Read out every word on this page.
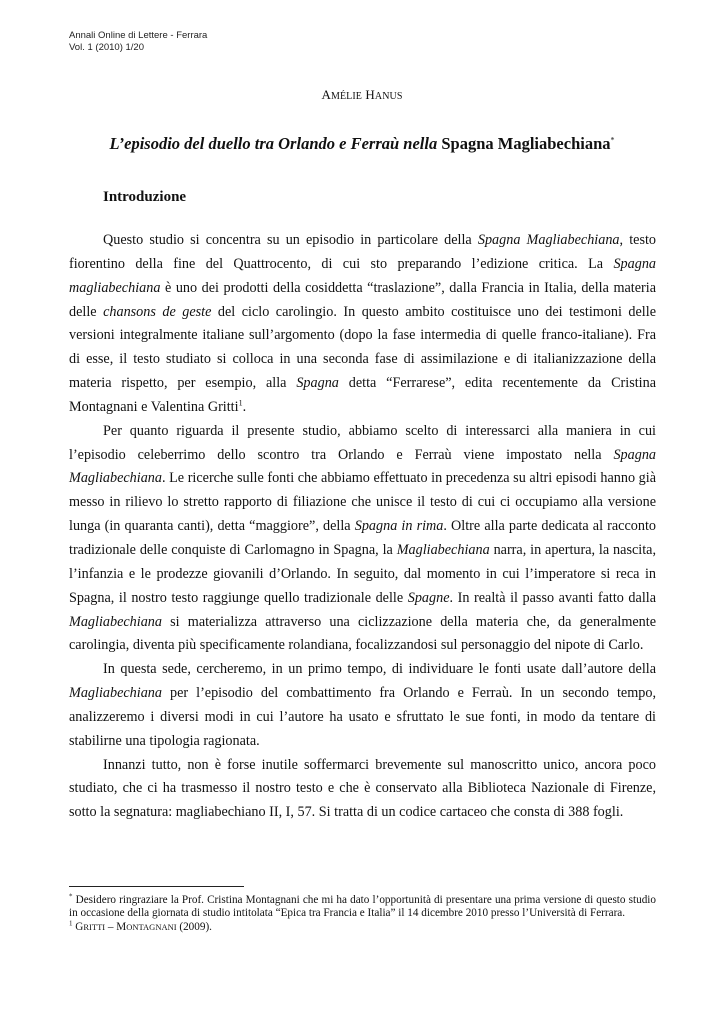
Annali Online di Lettere - Ferrara
Vol. 1 (2010) 1/20
AMÉLIE HANUS
L’episodio del duello tra Orlando e Ferraù nella Spagna Magliabechiana*
Introduzione

Questo studio si concentra su un episodio in particolare della Spagna Magliabechiana, testo fiorentino della fine del Quattrocento, di cui sto preparando l’edizione critica. La Spagna magliabechiana è uno dei prodotti della cosiddetta “traslazione”, dalla Francia in Italia, della materia delle chansons de geste del ciclo carolingio. In questo ambito costituisce uno dei testimoni delle versioni integralmente italiane sull’argomento (dopo la fase intermedia di quelle franco-italiane). Fra di esse, il testo studiato si colloca in una seconda fase di assimilazione e di italianizzazione della materia rispetto, per esempio, alla Spagna detta “Ferrarese”, edita recentemente da Cristina Montagnani e Valentina Gritti$^1$.

Per quanto riguarda il presente studio, abbiamo scelto di interessarci alla maniera in cui l’episodio celeberrimo dello scontro tra Orlando e Ferraù viene impostato nella Spagna Magliabechiana. Le ricerche sulle fonti che abbiamo effettuato in precedenza su altri episodi hanno già messo in rilievo lo stretto rapporto di filiazione che unisce il testo di cui ci occupiamo alla versione lunga (in quaranta canti), detta “maggiore”, della Spagna in rima. Oltre alla parte dedicata al racconto tradizionale delle conquiste di Carlomagno in Spagna, la Magliabechiana narra, in apertura, la nascita, l’infanzia e le prodezze giovanili d’Orlando. In seguito, dal momento in cui l’imperatore si reca in Spagna, il nostro testo raggiunge quello tradizionale delle Spagne. In realtà il passo avanti fatto dalla Magliabechiana si materializza attraverso una ciclizzazione della materia che, da generalmente carolingia, diventa più specificamente rolandiana, focalizzandosi sul personaggio del nipote di Carlo.

In questa sede, cercheremo, in un primo tempo, di individuare le fonti usate dall’autore della Magliabechiana per l’episodio del combattimento fra Orlando e Ferraù. In un secondo tempo, analizzeremo i diversi modi in cui l’autore ha usato e sfruttato le sue fonti, in modo da tentare di stabilirne una tipologia ragionata.

Innanzi tutto, non è forse inutile soffermarci brevemente sul manoscritto unico, ancora poco studiato, che ci ha trasmesso il nostro testo e che è conservato alla Biblioteca Nazionale di Firenze, sotto la segnatura: magliabechiano II, I, 57. Si tratta di un codice cartaceo che consta di 388 fogli.

* Desidero ringraziare la Prof. Cristina Montagnani che mi ha dato l’opportunità di presentare una prima versione di questo studio in occasione della giornata di studio intitolata “Epica tra Francia e Italia” il 14 dicembre 2010 presso l’Università di Ferrara.

$^1$ GRITTI – MONTAGNANI (2009).
